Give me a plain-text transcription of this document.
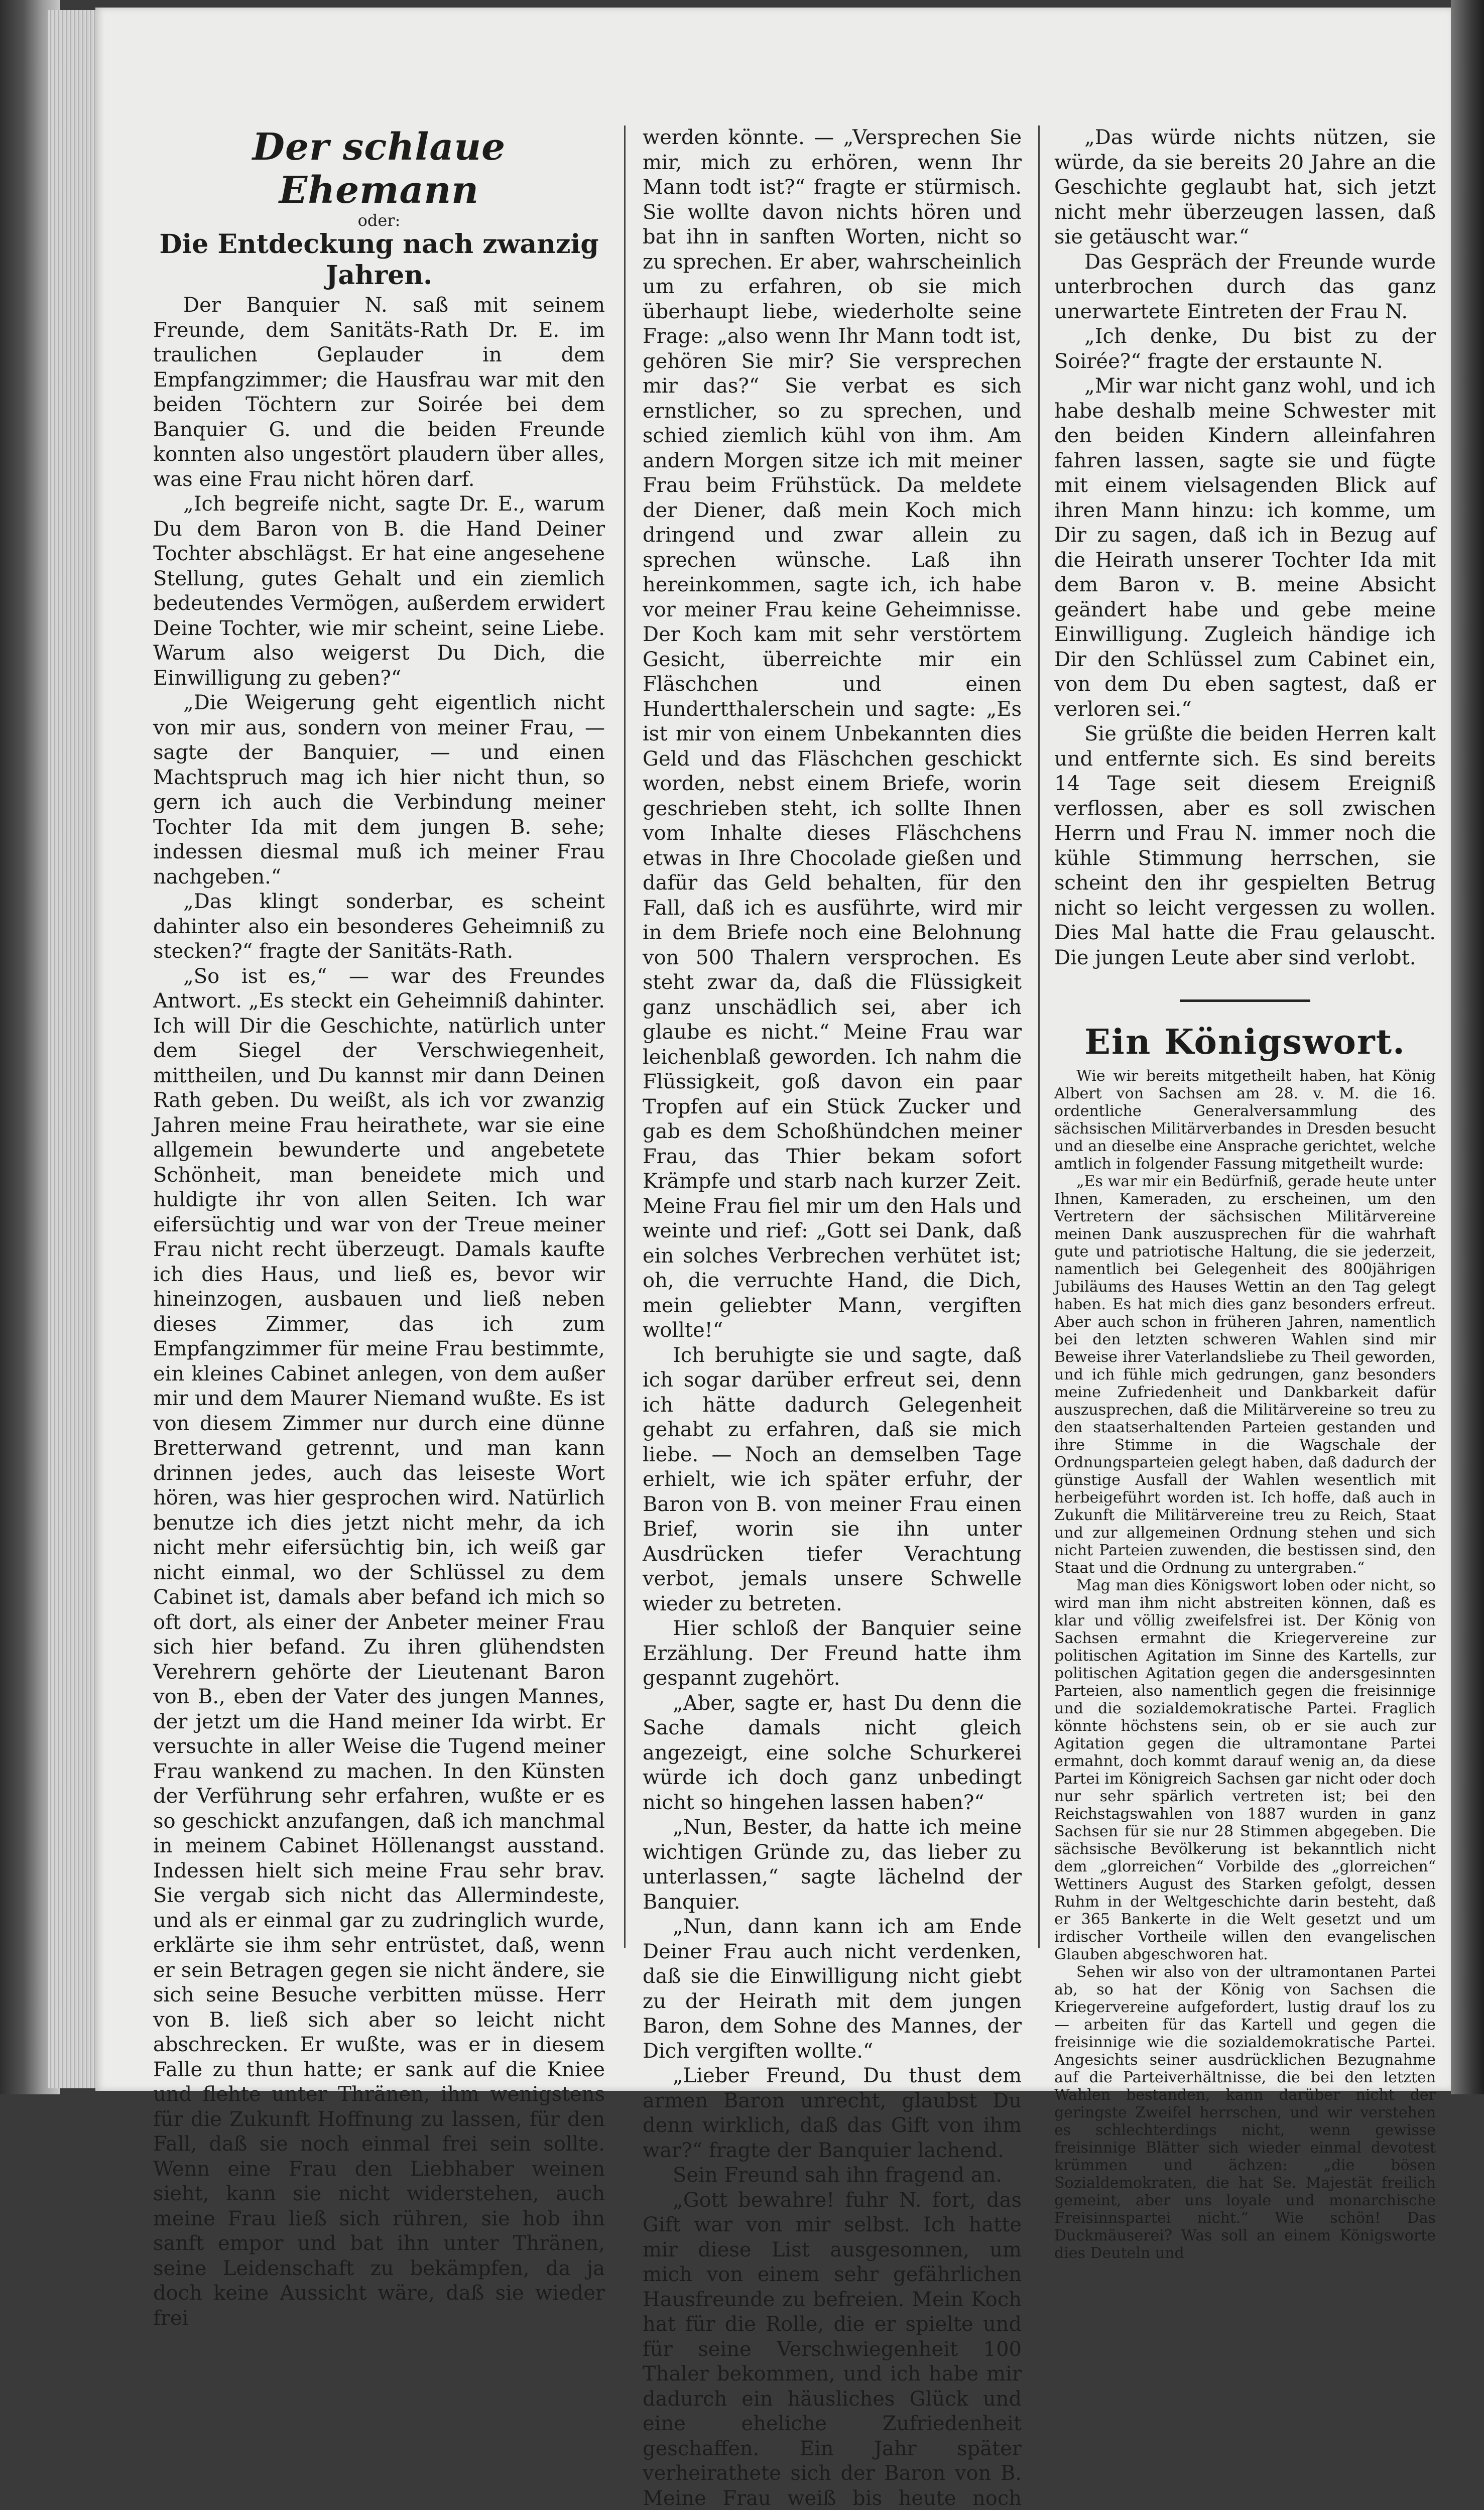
Der schlaue Ehemann
oder:
Die Entdeckung nach zwanzig Jahren.

Der Banquier N. saß mit seinem Freunde, dem Sanitäts-Rath Dr. E. im traulichen Geplauder in dem Empfangzimmer; die Hausfrau war mit den beiden Töchtern zur Soirée bei dem Banquier G. und die beiden Freunde konnten also ungestört plaudern über alles, was eine Frau nicht hören darf.

„Ich begreife nicht, sagte Dr. E., warum Du dem Baron von B. die Hand Deiner Tochter abschlägst. Er hat eine angesehene Stellung, gutes Gehalt und ein ziemlich bedeutendes Vermögen, außerdem erwidert Deine Tochter, wie mir scheint, seine Liebe. Warum also weigerst Du Dich, die Einwilligung zu geben?“

„Die Weigerung geht eigentlich nicht von mir aus, sondern von meiner Frau, — sagte der Banquier, — und einen Machtspruch mag ich hier nicht thun, so gern ich auch die Verbindung meiner Tochter Ida mit dem jungen B. sehe; indessen diesmal muß ich meiner Frau nachgeben.“

„Das klingt sonderbar, es scheint dahinter also ein besonderes Geheimniß zu stecken?“ fragte der Sanitäts-Rath.

„So ist es,“ — war des Freundes Antwort. „Es steckt ein Geheimniß dahinter. Ich will Dir die Geschichte, natürlich unter dem Siegel der Verschwiegenheit, mittheilen, und Du kannst mir dann Deinen Rath geben. Du weißt, als ich vor zwanzig Jahren meine Frau heirathete, war sie eine allgemein bewunderte und angebetete Schönheit, man beneidete mich und huldigte ihr von allen Seiten. Ich war eifersüchtig und war von der Treue meiner Frau nicht recht überzeugt. Damals kaufte ich dies Haus, und ließ es, bevor wir hineinzogen, ausbauen und ließ neben dieses Zimmer, das ich zum Empfangzimmer für meine Frau bestimmte, ein kleines Cabinet anlegen, von dem außer mir und dem Maurer Niemand wußte. Es ist von diesem Zimmer nur durch eine dünne Bretterwand getrennt, und man kann drinnen jedes, auch das leiseste Wort hören, was hier gesprochen wird. Natürlich benutze ich dies jetzt nicht mehr, da ich nicht mehr eifersüchtig bin, ich weiß gar nicht einmal, wo der Schlüssel zu dem Cabinet ist, damals aber befand ich mich so oft dort, als einer der Anbeter meiner Frau sich hier befand. Zu ihren glühendsten Verehrern gehörte der Lieutenant Baron von B., eben der Vater des jungen Mannes, der jetzt um die Hand meiner Ida wirbt. Er versuchte in aller Weise die Tugend meiner Frau wankend zu machen. In den Künsten der Verführung sehr erfahren, wußte er es so geschickt anzufangen, daß ich manchmal in meinem Cabinet Höllenangst ausstand. Indessen hielt sich meine Frau sehr brav. Sie vergab sich nicht das Allermindeste, und als er einmal gar zu zudringlich wurde, erklärte sie ihm sehr entrüstet, daß, wenn er sein Betragen gegen sie nicht ändere, sie sich seine Besuche verbitten müsse. Herr von B. ließ sich aber so leicht nicht abschrecken. Er wußte, was er in diesem Falle zu thun hatte; er sank auf die Kniee und flehte unter Thränen, ihm wenigstens für die Zukunft Hoffnung zu lassen, für den Fall, daß sie noch einmal frei sein sollte. Wenn eine Frau den Liebhaber weinen sieht, kann sie nicht widerstehen, auch meine Frau ließ sich rühren, sie hob ihn sanft empor und bat ihn unter Thränen, seine Leidenschaft zu bekämpfen, da ja doch keine Aussicht wäre, daß sie wieder frei

werden könnte. — „Versprechen Sie mir, mich zu erhören, wenn Ihr Mann todt ist?“ fragte er stürmisch. Sie wollte davon nichts hören und bat ihn in sanften Worten, nicht so zu sprechen. Er aber, wahrscheinlich um zu erfahren, ob sie mich überhaupt liebe, wiederholte seine Frage: „also wenn Ihr Mann todt ist, gehören Sie mir? Sie versprechen mir das?“ Sie verbat es sich ernstlicher, so zu sprechen, und schied ziemlich kühl von ihm. Am andern Morgen sitze ich mit meiner Frau beim Frühstück. Da meldete der Diener, daß mein Koch mich dringend und zwar allein zu sprechen wünsche. Laß ihn hereinkommen, sagte ich, ich habe vor meiner Frau keine Geheimnisse. Der Koch kam mit sehr verstörtem Gesicht, überreichte mir ein Fläschchen und einen Hundertthalerschein und sagte: „Es ist mir von einem Unbekannten dies Geld und das Fläschchen geschickt worden, nebst einem Briefe, worin geschrieben steht, ich sollte Ihnen vom Inhalte dieses Fläschchens etwas in Ihre Chocolade gießen und dafür das Geld behalten, für den Fall, daß ich es ausführte, wird mir in dem Briefe noch eine Belohnung von 500 Thalern versprochen. Es steht zwar da, daß die Flüssigkeit ganz unschädlich sei, aber ich glaube es nicht.“ Meine Frau war leichenblaß geworden. Ich nahm die Flüssigkeit, goß davon ein paar Tropfen auf ein Stück Zucker und gab es dem Schoßhündchen meiner Frau, das Thier bekam sofort Krämpfe und starb nach kurzer Zeit. Meine Frau fiel mir um den Hals und weinte und rief: „Gott sei Dank, daß ein solches Verbrechen verhütet ist; oh, die verruchte Hand, die Dich, mein geliebter Mann, vergiften wollte!“

Ich beruhigte sie und sagte, daß ich sogar darüber erfreut sei, denn ich hätte dadurch Gelegenheit gehabt zu erfahren, daß sie mich liebe. — Noch an demselben Tage erhielt, wie ich später erfuhr, der Baron von B. von meiner Frau einen Brief, worin sie ihn unter Ausdrücken tiefer Verachtung verbot, jemals unsere Schwelle wieder zu betreten.

Hier schloß der Banquier seine Erzählung. Der Freund hatte ihm gespannt zugehört.

„Aber, sagte er, hast Du denn die Sache damals nicht gleich angezeigt, eine solche Schurkerei würde ich doch ganz unbedingt nicht so hingehen lassen haben?“

„Nun, Bester, da hatte ich meine wichtigen Gründe zu, das lieber zu unterlassen,“ sagte lächelnd der Banquier.

„Nun, dann kann ich am Ende Deiner Frau auch nicht verdenken, daß sie die Einwilligung nicht giebt zu der Heirath mit dem jungen Baron, dem Sohne des Mannes, der Dich vergiften wollte.“

„Lieber Freund, Du thust dem armen Baron unrecht, glaubst Du denn wirklich, daß das Gift von ihm war?“ fragte der Banquier lachend.

Sein Freund sah ihn fragend an.

„Gott bewahre! fuhr N. fort, das Gift war von mir selbst. Ich hatte mir diese List ausgesonnen, um mich von einem sehr gefährlichen Hausfreunde zu befreien. Mein Koch hat für die Rolle, die er spielte und für seine Verschwiegenheit 100 Thaler bekommen, und ich habe mir dadurch ein häusliches Glück und eine eheliche Zufriedenheit geschaffen. Ein Jahr später verheirathete sich der Baron von B. Meine Frau weiß bis heute noch

„Das würde nichts nützen, sie würde, da sie bereits 20 Jahre an die Geschichte geglaubt hat, sich jetzt nicht mehr überzeugen lassen, daß sie getäuscht war.“

Das Gespräch der Freunde wurde unterbrochen durch das ganz unerwartete Eintreten der Frau N.

„Ich denke, Du bist zu der Soirée?“ fragte der erstaunte N.

„Mir war nicht ganz wohl, und ich habe deshalb meine Schwester mit den beiden Kindern alleinfahren fahren lassen, sagte sie und fügte mit einem vielsagenden Blick auf ihren Mann hinzu: ich komme, um Dir zu sagen, daß ich in Bezug auf die Heirath unserer Tochter Ida mit dem Baron v. B. meine Absicht geändert habe und gebe meine Einwilligung. Zugleich händige ich Dir den Schlüssel zum Cabinet ein, von dem Du eben sagtest, daß er verloren sei.“

Sie grüßte die beiden Herren kalt und entfernte sich. Es sind bereits 14 Tage seit diesem Ereigniß verflossen, aber es soll zwischen Herrn und Frau N. immer noch die kühle Stimmung herrschen, sie scheint den ihr gespielten Betrug nicht so leicht vergessen zu wollen. Dies Mal hatte die Frau gelauscht. Die jungen Leute aber sind verlobt.

Ein Königswort.

Wie wir bereits mitgetheilt haben, hat König Albert von Sachsen am 28. v. M. die 16. ordentliche Generalversammlung des sächsischen Militärverbandes in Dresden besucht und an dieselbe eine Ansprache gerichtet, welche amtlich in folgender Fassung mitgetheilt wurde:

„Es war mir ein Bedürfniß, gerade heute unter Ihnen, Kameraden, zu erscheinen, um den Vertretern der sächsischen Militärvereine meinen Dank auszusprechen für die wahrhaft gute und patriotische Haltung, die sie jederzeit, namentlich bei Gelegenheit des 800jährigen Jubiläums des Hauses Wettin an den Tag gelegt haben. Es hat mich dies ganz besonders erfreut. Aber auch schon in früheren Jahren, namentlich bei den letzten schweren Wahlen sind mir Beweise ihrer Vaterlandsliebe zu Theil geworden, und ich fühle mich gedrungen, ganz besonders meine Zufriedenheit und Dankbarkeit dafür auszusprechen, daß die Militärvereine so treu zu den staatserhaltenden Parteien gestanden und ihre Stimme in die Wagschale der Ordnungsparteien gelegt haben, daß dadurch der günstige Ausfall der Wahlen wesentlich mit herbeigeführt worden ist. Ich hoffe, daß auch in Zukunft die Militärvereine treu zu Reich, Staat und zur allgemeinen Ordnung stehen und sich nicht Parteien zuwenden, die bestissen sind, den Staat und die Ordnung zu untergraben.“

Mag man dies Königswort loben oder nicht, so wird man ihm nicht abstreiten können, daß es klar und völlig zweifelsfrei ist. Der König von Sachsen ermahnt die Kriegervereine zur politischen Agitation im Sinne des Kartells, zur politischen Agitation gegen die andersgesinnten Parteien, also namentlich gegen die freisinnige und die sozialdemokratische Partei. Fraglich könnte höchstens sein, ob er sie auch zur Agitation gegen die ultramontane Partei ermahnt, doch kommt darauf wenig an, da diese Partei im Königreich Sachsen gar nicht oder doch nur sehr spärlich vertreten ist; bei den Reichstagswahlen von 1887 wurden in ganz Sachsen für sie nur 28 Stimmen abgegeben. Die sächsische Bevölkerung ist bekanntlich nicht dem „glorreichen“ Vorbilde des „glorreichen“ Wettiners August des Starken gefolgt, dessen Ruhm in der Weltgeschichte darin besteht, daß er 365 Bankerte in die Welt gesetzt und um irdischer Vortheile willen den evangelischen Glauben abgeschworen hat.

Sehen wir also von der ultramontanen Partei ab, so hat der König von Sachsen die Kriegervereine aufgefordert, lustig drauf los zu — arbeiten für das Kartell und gegen die freisinnige wie die sozialdemokratische Partei. Angesichts seiner ausdrücklichen Bezugnahme auf die Parteiverhältnisse, die bei den letzten Wahlen bestanden, kann darüber nicht der geringste Zweifel herrschen, und wir verstehen es schlechterdings nicht, wenn gewisse freisinnige Blätter sich wieder einmal devotest krümmen und ächzen: „die bösen Sozialdemokraten, die hat Se. Majestät freilich gemeint, aber uns loyale und monarchische Freisinnspartei nicht.“ Wie schön! Das Duckmäuserei? Was soll an einem Königsworte dies Deuteln und
